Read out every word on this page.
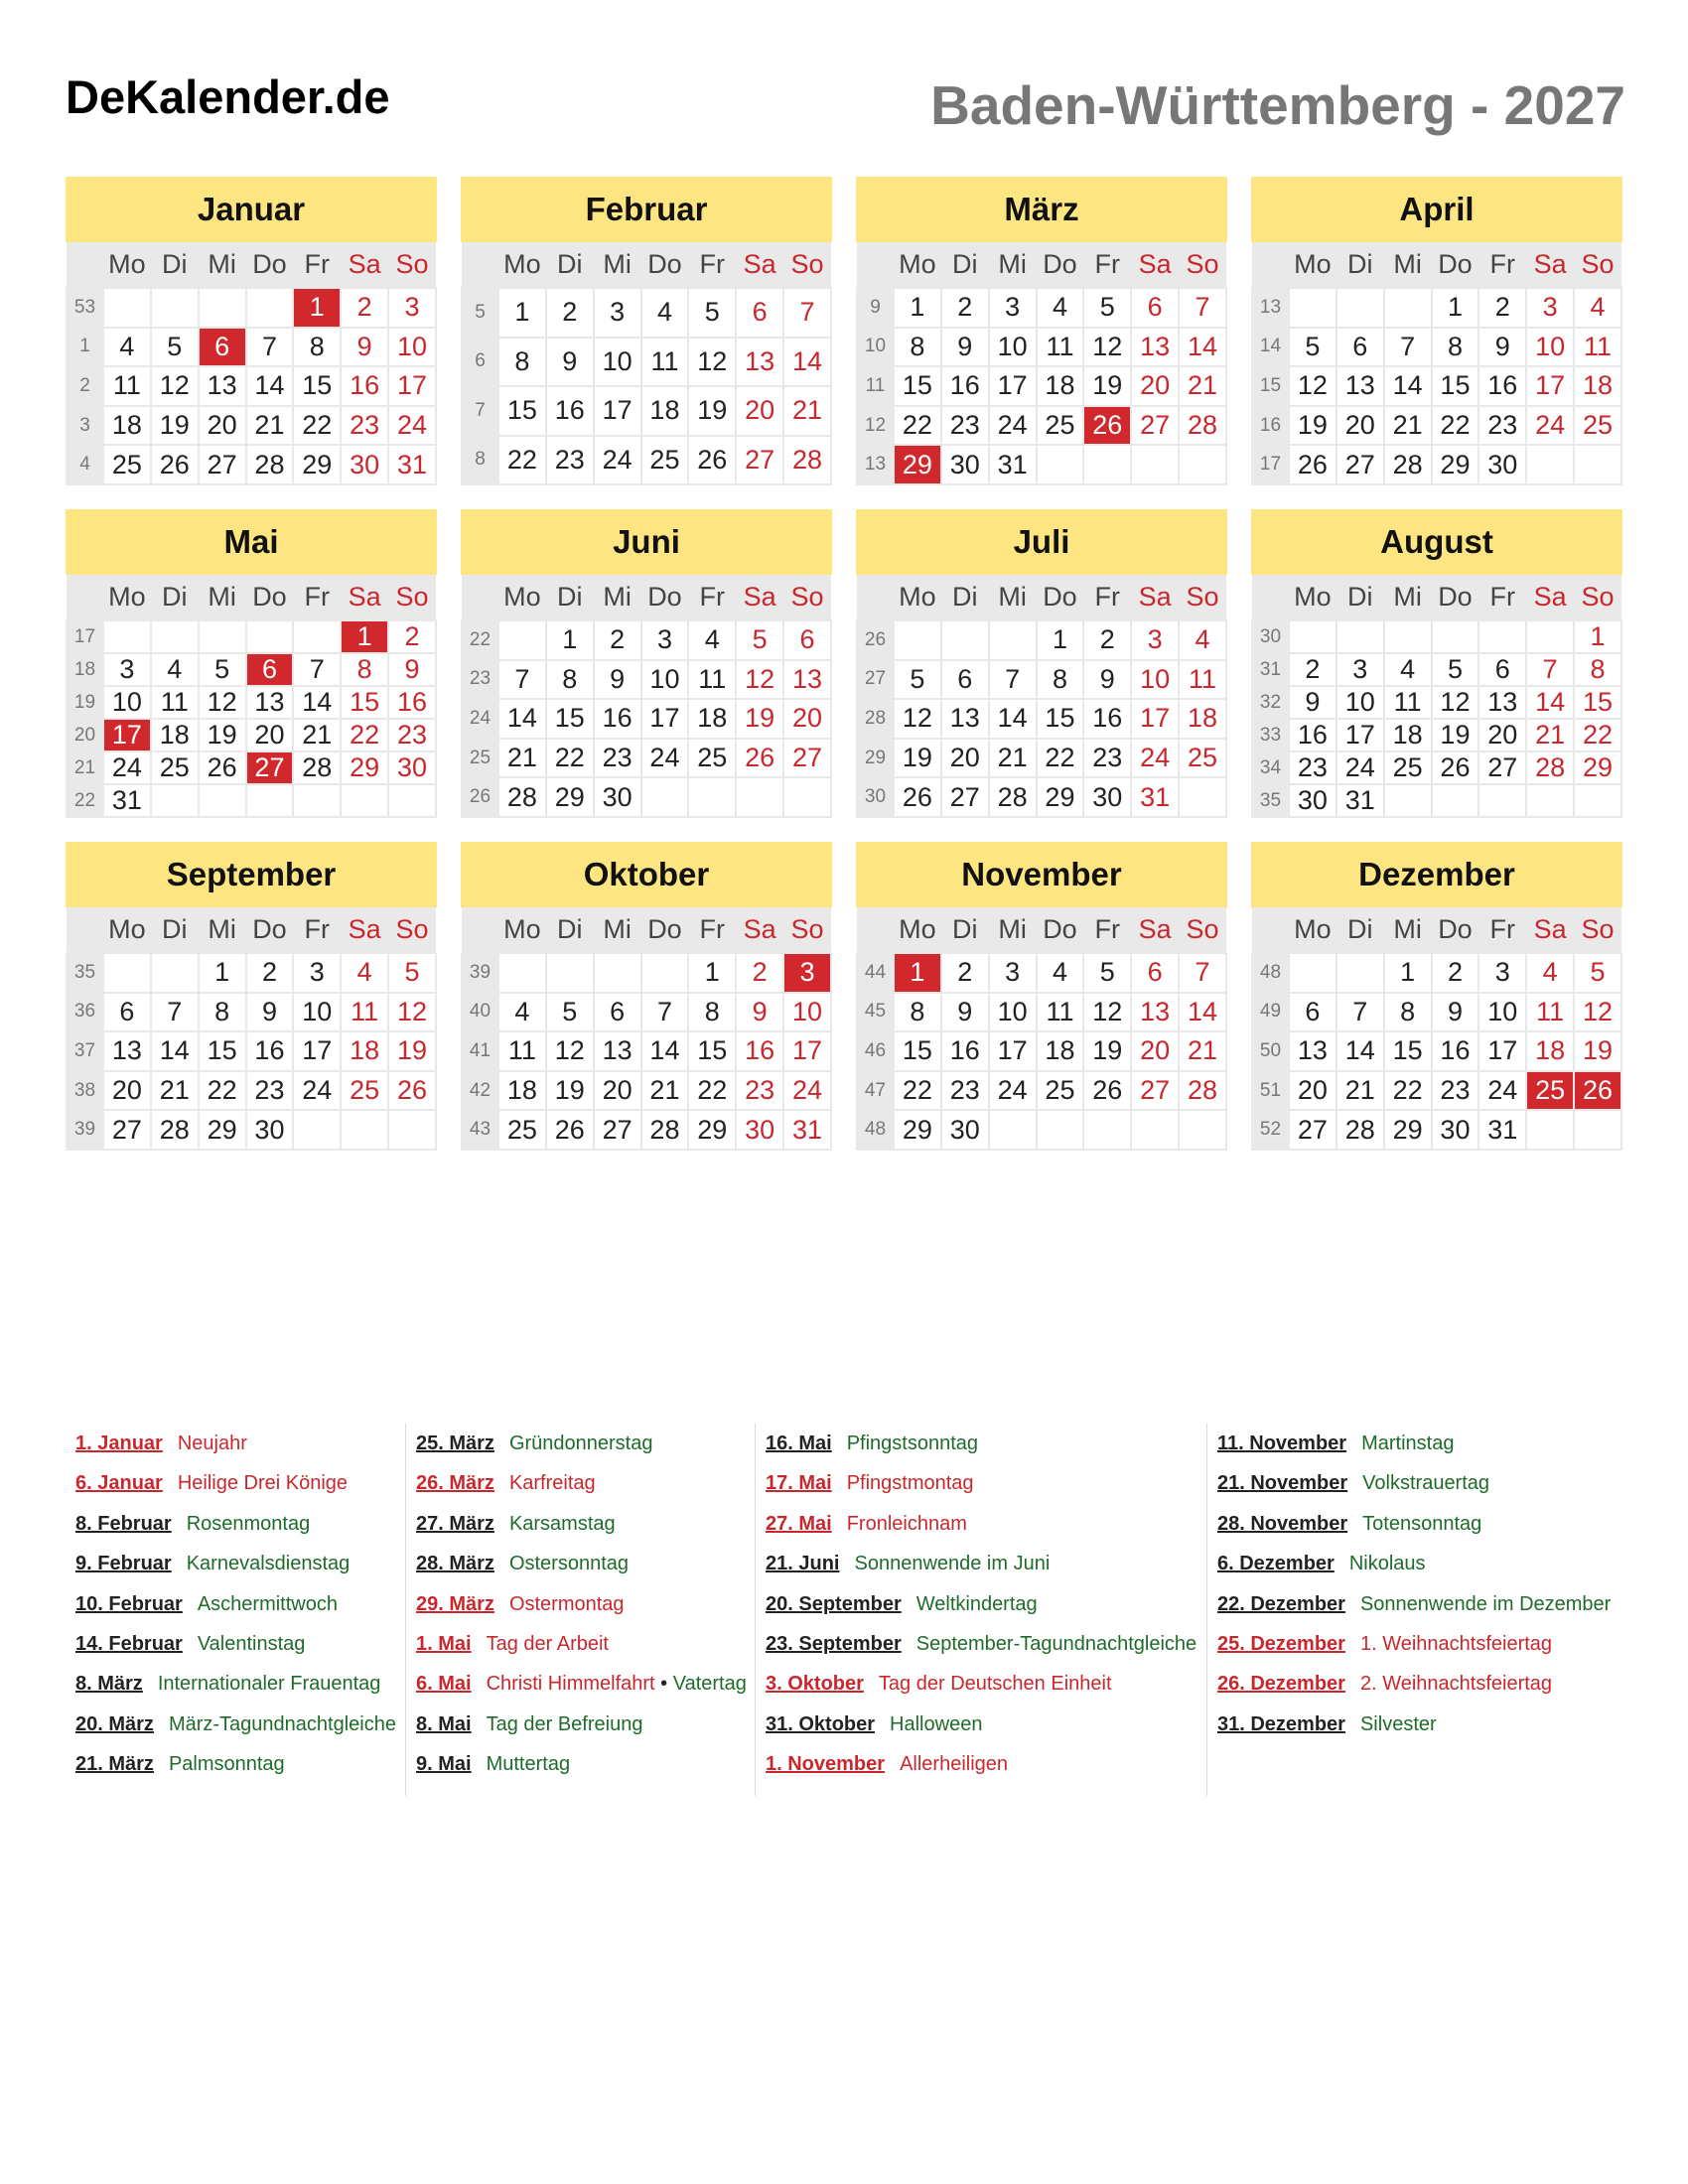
DeKalender.de	Baden-Württemberg - 2027
Januar
	Mo	Di	Mi	Do	Fr	Sa	So
53					1	2	3
1	4	5	6	7	8	9	10
2	11	12	13	14	15	16	17
3	18	19	20	21	22	23	24
4	25	26	27	28	29	30	31
Februar
	Mo	Di	Mi	Do	Fr	Sa	So
5	1	2	3	4	5	6	7
6	8	9	10	11	12	13	14
7	15	16	17	18	19	20	21
8	22	23	24	25	26	27	28
März
	Mo	Di	Mi	Do	Fr	Sa	So
9	1	2	3	4	5	6	7
10	8	9	10	11	12	13	14
11	15	16	17	18	19	20	21
12	22	23	24	25	26	27	28
13	29	30	31				
April
	Mo	Di	Mi	Do	Fr	Sa	So
13				1	2	3	4
14	5	6	7	8	9	10	11
15	12	13	14	15	16	17	18
16	19	20	21	22	23	24	25
17	26	27	28	29	30		
Mai
	Mo	Di	Mi	Do	Fr	Sa	So
17						1	2
18	3	4	5	6	7	8	9
19	10	11	12	13	14	15	16
20	17	18	19	20	21	22	23
21	24	25	26	27	28	29	30
22	31						
Juni
	Mo	Di	Mi	Do	Fr	Sa	So
22		1	2	3	4	5	6
23	7	8	9	10	11	12	13
24	14	15	16	17	18	19	20
25	21	22	23	24	25	26	27
26	28	29	30				
Juli
	Mo	Di	Mi	Do	Fr	Sa	So
26				1	2	3	4
27	5	6	7	8	9	10	11
28	12	13	14	15	16	17	18
29	19	20	21	22	23	24	25
30	26	27	28	29	30	31	
August
	Mo	Di	Mi	Do	Fr	Sa	So
30							1
31	2	3	4	5	6	7	8
32	9	10	11	12	13	14	15
33	16	17	18	19	20	21	22
34	23	24	25	26	27	28	29
35	30	31					
September
	Mo	Di	Mi	Do	Fr	Sa	So
35			1	2	3	4	5
36	6	7	8	9	10	11	12
37	13	14	15	16	17	18	19
38	20	21	22	23	24	25	26
39	27	28	29	30			
Oktober
	Mo	Di	Mi	Do	Fr	Sa	So
39					1	2	3
40	4	5	6	7	8	9	10
41	11	12	13	14	15	16	17
42	18	19	20	21	22	23	24
43	25	26	27	28	29	30	31
November
	Mo	Di	Mi	Do	Fr	Sa	So
44	1	2	3	4	5	6	7
45	8	9	10	11	12	13	14
46	15	16	17	18	19	20	21
47	22	23	24	25	26	27	28
48	29	30					
Dezember
	Mo	Di	Mi	Do	Fr	Sa	So
48			1	2	3	4	5
49	6	7	8	9	10	11	12
50	13	14	15	16	17	18	19
51	20	21	22	23	24	25	26
52	27	28	29	30	31		
1. Januar Neujahr
6. Januar Heilige Drei Könige
8. Februar Rosenmontag
9. Februar Karnevalsdienstag
10. Februar Aschermittwoch
14. Februar Valentinstag
8. März Internationaler Frauentag
20. März März-Tagundnachtgleiche
21. März Palmsonntag
25. März Gründonnerstag
26. März Karfreitag
27. März Karsamstag
28. März Ostersonntag
29. März Ostermontag
1. Mai Tag der Arbeit
6. Mai Christi Himmelfahrt • Vatertag
8. Mai Tag der Befreiung
9. Mai Muttertag
16. Mai Pfingstsonntag
17. Mai Pfingstmontag
27. Mai Fronleichnam
21. Juni Sonnenwende im Juni
20. September Weltkindertag
23. September September-Tagundnachtgleiche
3. Oktober Tag der Deutschen Einheit
31. Oktober Halloween
1. November Allerheiligen
11. November Martinstag
21. November Volkstrauertag
28. November Totensonntag
6. Dezember Nikolaus
22. Dezember Sonnenwende im Dezember
25. Dezember 1. Weihnachtsfeiertag
26. Dezember 2. Weihnachtsfeiertag
31. Dezember Silvester
